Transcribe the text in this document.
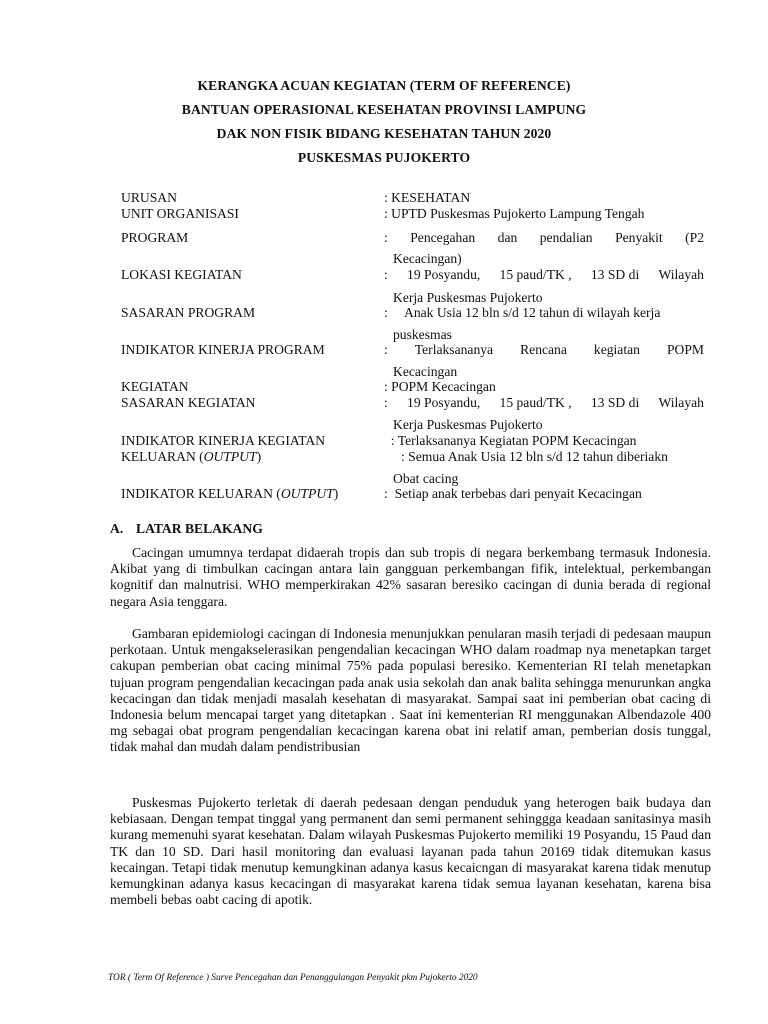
KERANGKA ACUAN KEGIATAN (TERM OF REFERENCE)
BANTUAN OPERASIONAL KESEHATAN PROVINSI LAMPUNG
DAK NON FISIK BIDANG KESEHATAN TAHUN 2020
PUSKESMAS PUJOKERTO
URUSAN	: KESEHATAN
UNIT ORGANISASI	: UPTD Puskesmas Pujokerto Lampung Tengah
PROGRAM	: Pencegahan dan pendalian Penyakit (P2
Kecacingan)
LOKASI KEGIATAN	: 19 Posyandu, 15 paud/TK , 13 SD di Wilayah
Kerja Puskesmas Pujokerto
SASARAN PROGRAM	:     Anak Usia 12 bln s/d 12 tahun di wilayah kerja
puskesmas
INDIKATOR KINERJA PROGRAM	: Terlaksananya Rencana kegiatan POPM
Kecacingan
KEGIATAN	: POPM Kecacingan
SASARAN KEGIATAN	: 19 Posyandu, 15 paud/TK , 13 SD di Wilayah
Kerja Puskesmas Pujokerto
INDIKATOR KINERJA KEGIATAN	: Terlaksananya Kegiatan POPM Kecacingan
KELUARAN (OUTPUT)	: Semua Anak Usia 12 bln s/d 12 tahun diberiakn
Obat cacing
INDIKATOR KELUARAN (OUTPUT)	:  Setiap anak terbebas dari penyait Kecacingan
A. LATAR BELAKANG

Cacingan umumnya terdapat didaerah tropis dan sub tropis di negara berkembang termasuk Indonesia. Akibat yang di timbulkan cacingan antara lain gangguan perkembangan fifik, intelektual, perkembangan kognitif dan malnutrisi. WHO memperkirakan 42% sasaran beresiko cacingan di dunia berada di regional negara Asia tenggara.

Gambaran epidemiologi cacingan di Indonesia menunjukkan penularan masih terjadi di pedesaan maupun perkotaan. Untuk mengakselerasikan pengendalian kecacingan WHO dalam roadmap nya menetapkan target cakupan pemberian obat cacing minimal 75% pada populasi beresiko. Kementerian RI telah menetapkan tujuan program pengendalian kecacingan pada anak usia sekolah dan anak balita sehingga menurunkan angka kecacingan dan tidak menjadi masalah kesehatan di masyarakat. Sampai saat ini pemberian obat cacing di Indonesia belum mencapai target yang ditetapkan . Saat ini kementerian RI menggunakan Albendazole 400 mg sebagai obat program pengendalian kecacingan karena obat ini relatif aman, pemberian dosis tunggal, tidak mahal dan mudah dalam pendistribusian

Puskesmas Pujokerto terletak di daerah pedesaan dengan penduduk yang heterogen baik budaya dan kebiasaan. Dengan tempat tinggal yang permanent dan semi permanent sehinggga keadaan sanitasinya masih kurang memenuhi syarat kesehatan. Dalam wilayah Puskesmas Pujokerto memiliki 19 Posyandu, 15 Paud dan TK dan 10 SD. Dari hasil monitoring dan evaluasi layanan pada tahun 20169 tidak ditemukan kasus kecaingan. Tetapi tidak menutup kemungkinan adanya kasus kecaicngan di masyarakat karena tidak menutup kemungkinan adanya kasus kecacingan di masyarakat karena tidak semua layanan kesehatan, karena bisa membeli bebas oabt cacing di apotik.

TOR ( Term Of Reference ) Surve Pencegahan dan Penanggulangan Penyakit pkm Pujokerto 2020
